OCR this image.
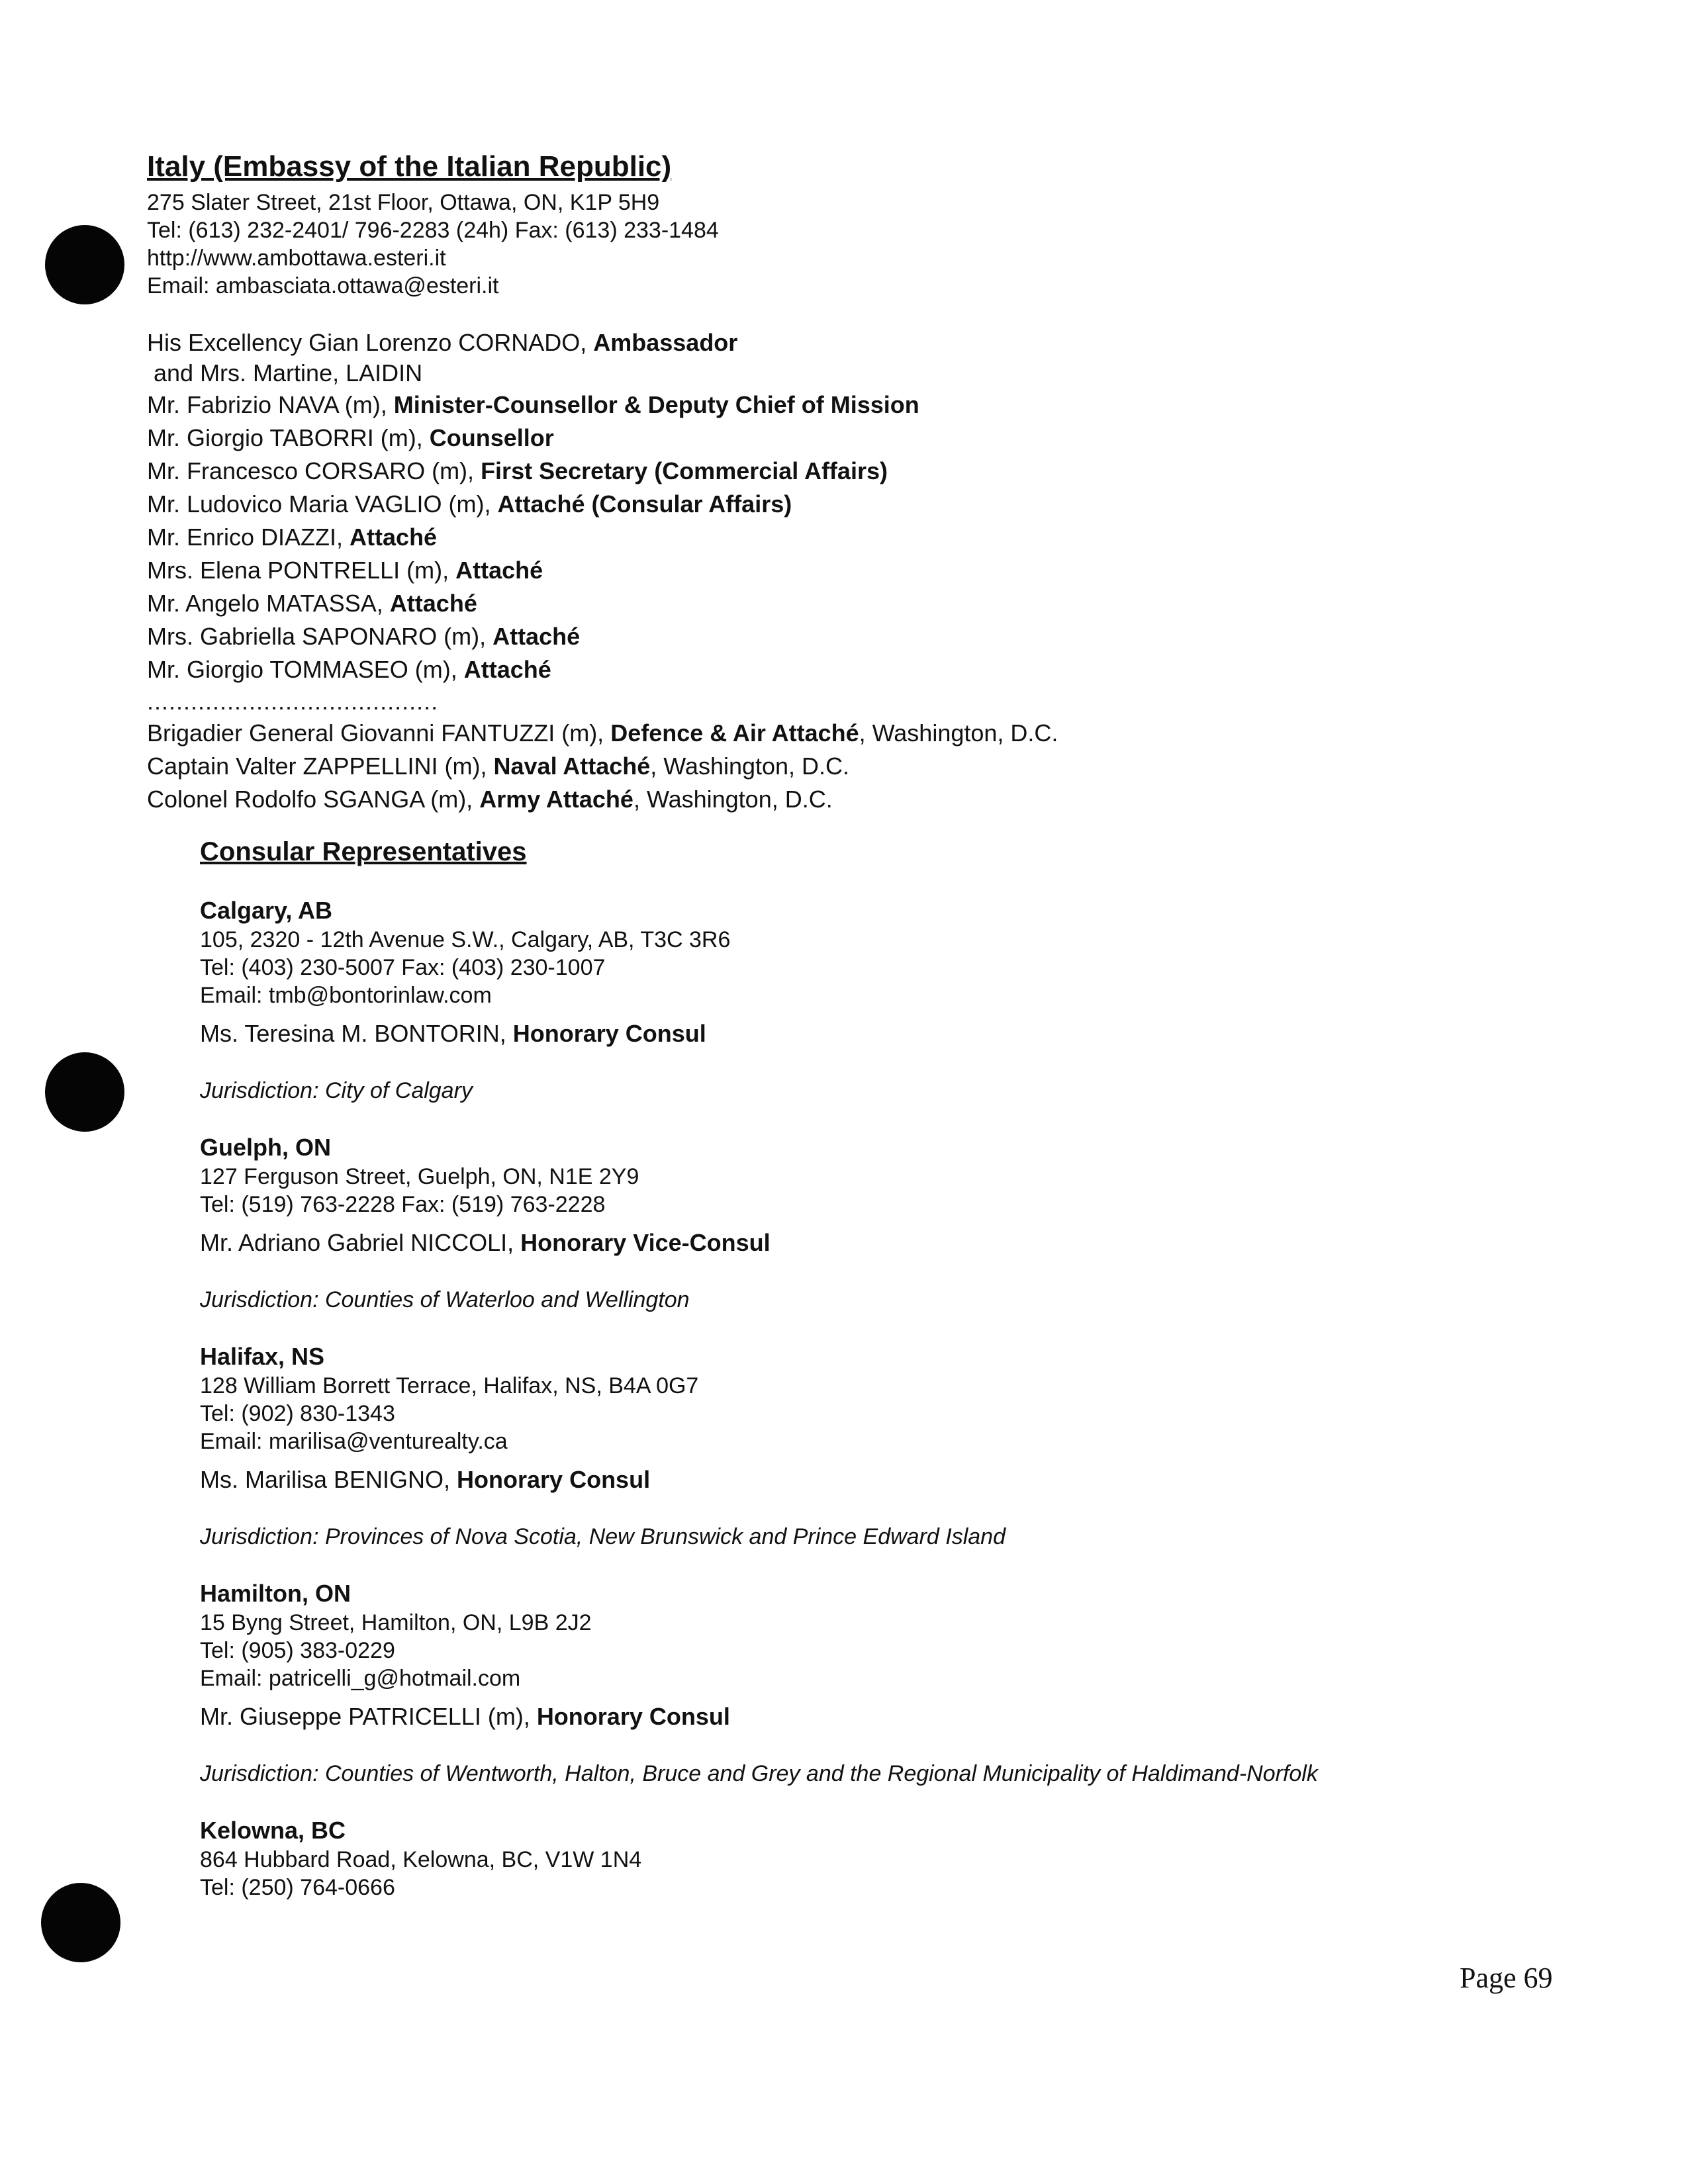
Italy (Embassy of the Italian Republic)
275 Slater Street, 21st Floor, Ottawa, ON, K1P 5H9
Tel: (613) 232-2401/ 796-2283 (24h) Fax: (613) 233-1484
http://www.ambottawa.esteri.it
Email: ambasciata.ottawa@esteri.it
His Excellency Gian Lorenzo CORNADO, Ambassador
and Mrs. Martine, LAIDIN
Mr. Fabrizio NAVA (m), Minister-Counsellor & Deputy Chief of Mission
Mr. Giorgio TABORRI (m), Counsellor
Mr. Francesco CORSARO (m), First Secretary (Commercial Affairs)
Mr. Ludovico Maria VAGLIO (m), Attaché (Consular Affairs)
Mr. Enrico DIAZZI, Attaché
Mrs. Elena PONTRELLI (m), Attaché
Mr. Angelo MATASSA, Attaché
Mrs. Gabriella SAPONARO (m), Attaché
Mr. Giorgio TOMMASEO (m), Attaché
........................................
Brigadier General Giovanni FANTUZZI (m), Defence & Air Attaché, Washington, D.C.
Captain Valter ZAPPELLINI (m), Naval Attaché, Washington, D.C.
Colonel Rodolfo SGANGA (m), Army Attaché, Washington, D.C.
Consular Representatives
Calgary, AB
105, 2320 - 12th Avenue S.W., Calgary, AB, T3C 3R6
Tel: (403) 230-5007 Fax: (403) 230-1007
Email: tmb@bontorinlaw.com
Ms. Teresina M. BONTORIN, Honorary Consul
Jurisdiction: City of Calgary
Guelph, ON
127 Ferguson Street, Guelph, ON, N1E 2Y9
Tel: (519) 763-2228 Fax: (519) 763-2228
Mr. Adriano Gabriel NICCOLI, Honorary Vice-Consul
Jurisdiction: Counties of Waterloo and Wellington
Halifax, NS
128 William Borrett Terrace, Halifax, NS, B4A 0G7
Tel: (902) 830-1343
Email: marilisa@venturealty.ca
Ms. Marilisa BENIGNO, Honorary Consul
Jurisdiction: Provinces of Nova Scotia, New Brunswick and Prince Edward Island
Hamilton, ON
15 Byng Street, Hamilton, ON, L9B 2J2
Tel: (905) 383-0229
Email: patricelli_g@hotmail.com
Mr. Giuseppe PATRICELLI (m), Honorary Consul
Jurisdiction: Counties of Wentworth, Halton, Bruce and Grey and the Regional Municipality of Haldimand-Norfolk
Kelowna, BC
864 Hubbard Road, Kelowna, BC, V1W 1N4
Tel: (250) 764-0666
Page 69
